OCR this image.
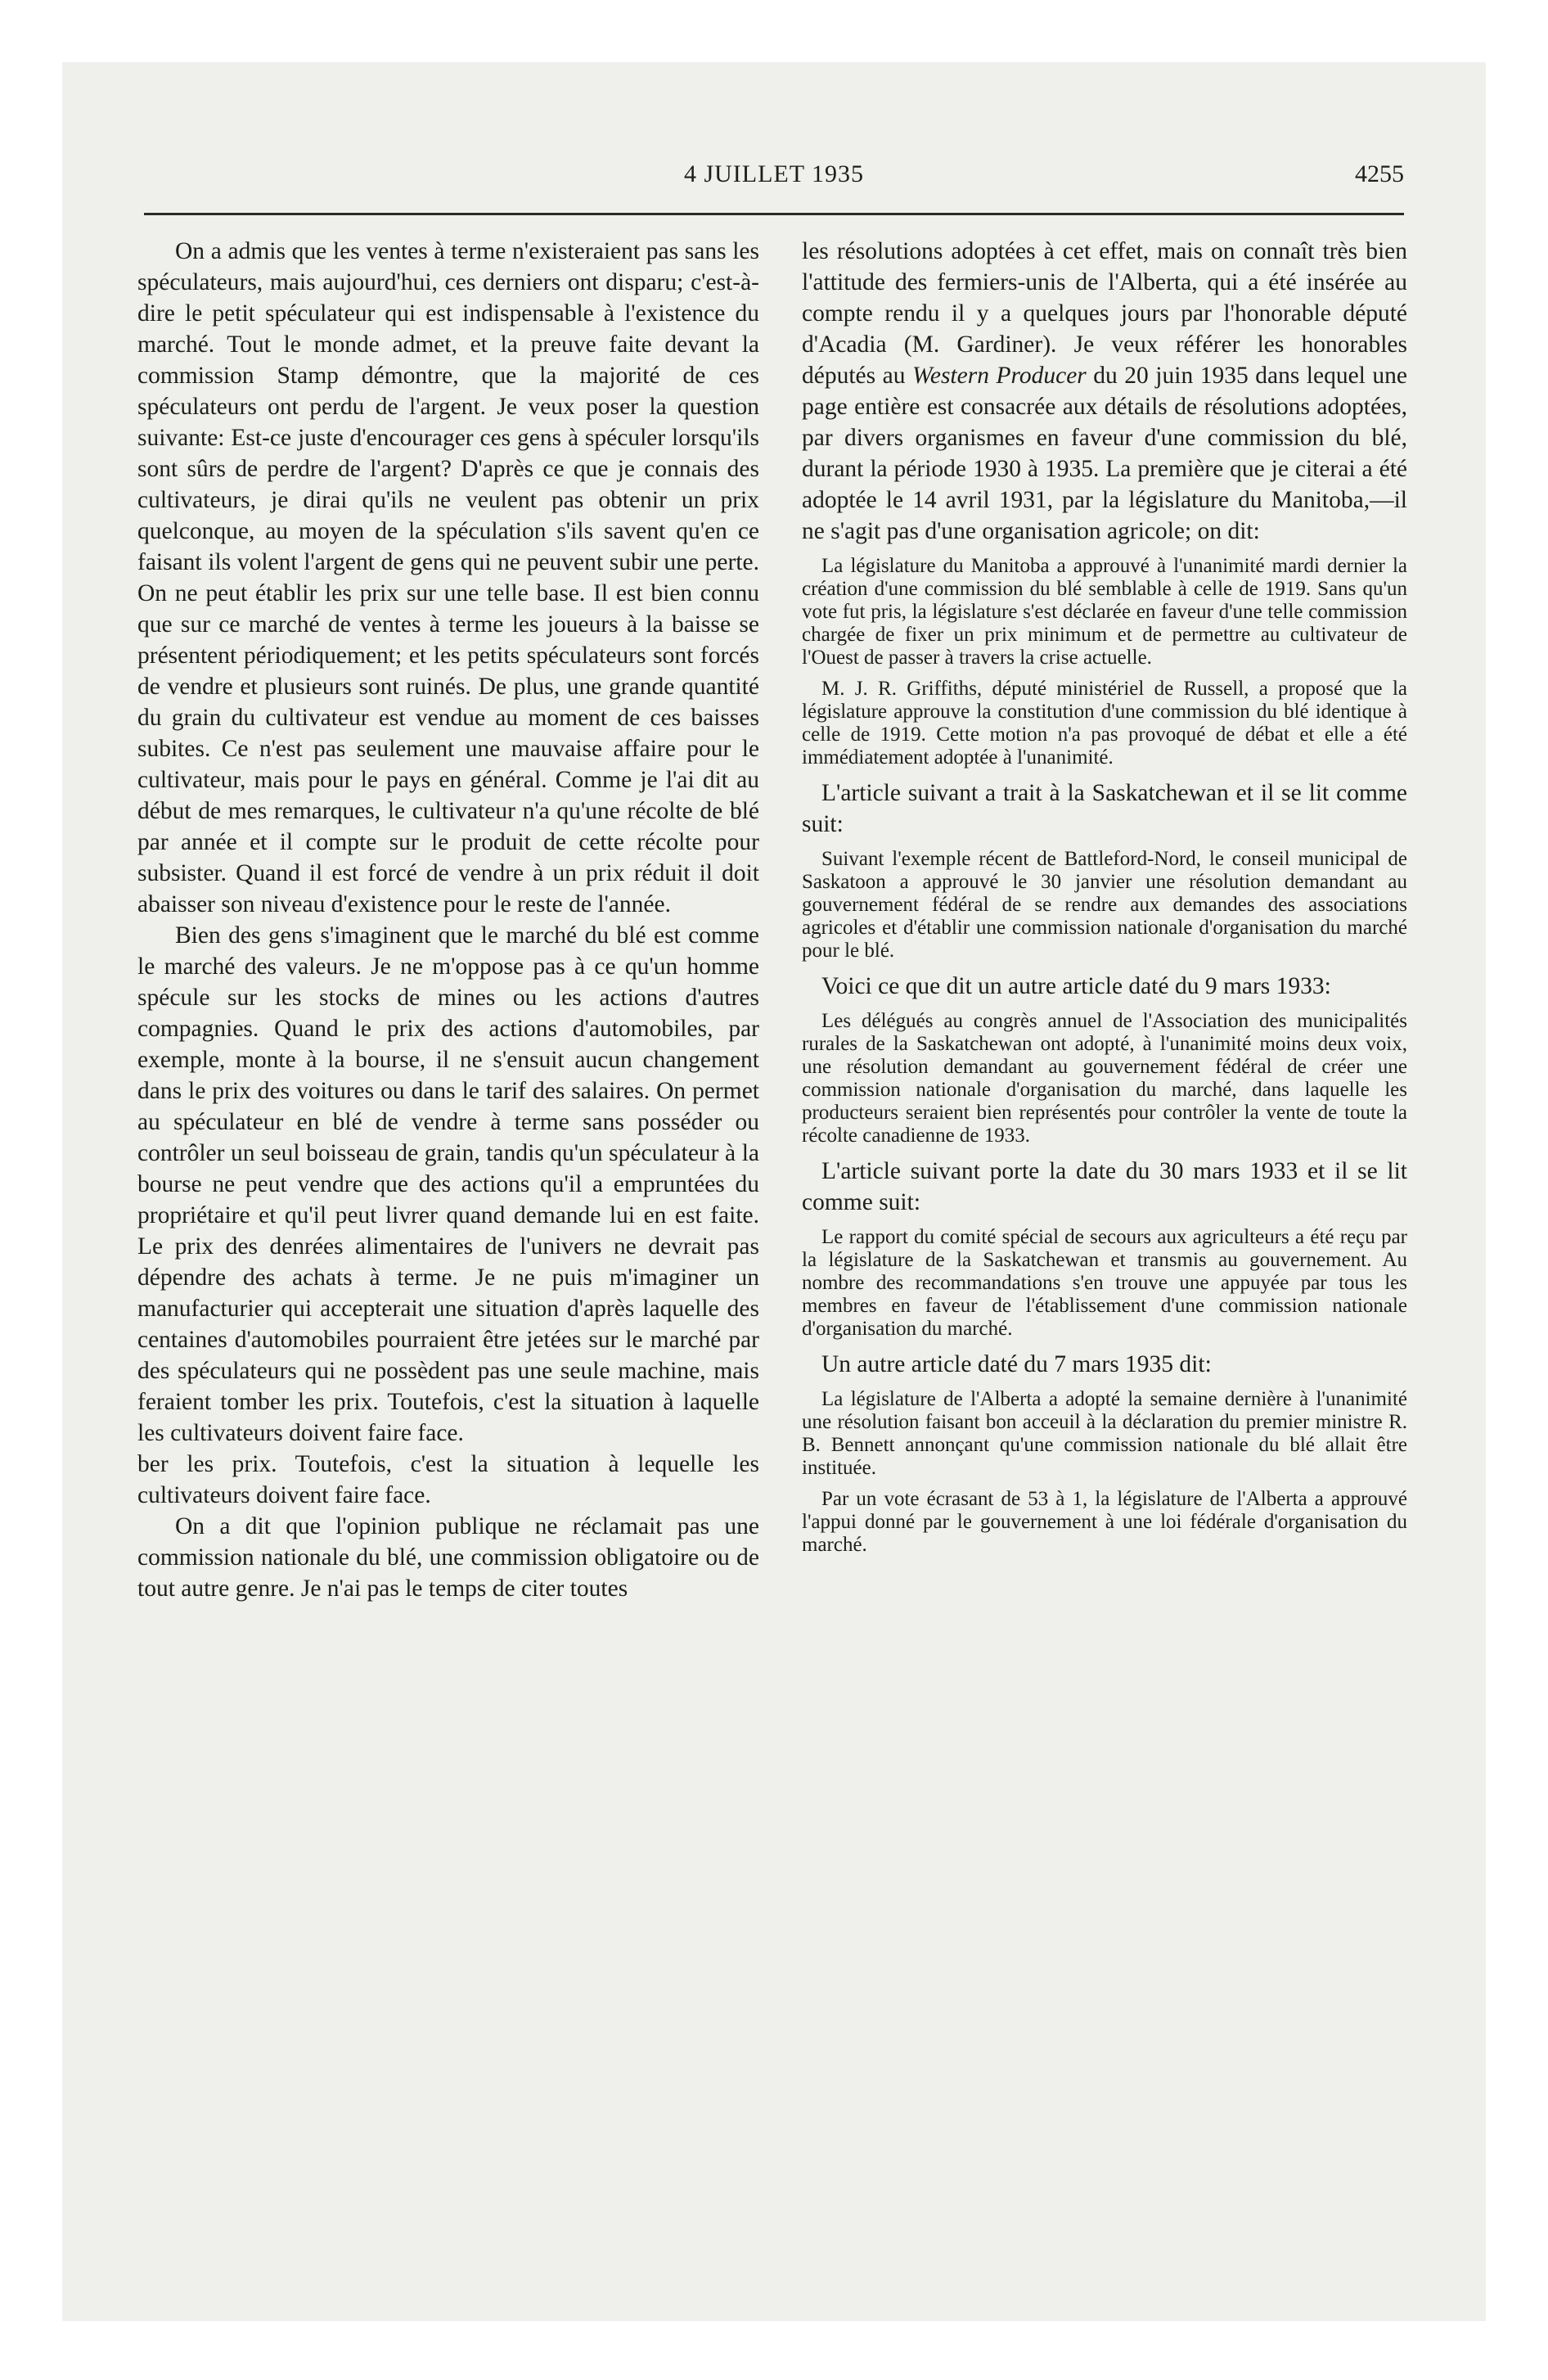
4 JUILLET 1935	4255

On a admis que les ventes à terme n'existeraient pas sans les spéculateurs, mais aujourd'hui, ces derniers ont disparu; c'est-à-dire le petit spéculateur qui est indispensable à l'existence du marché. Tout le monde admet, et la preuve faite devant la commission Stamp démontre, que la majorité de ces spéculateurs ont perdu de l'argent. Je veux poser la question suivante: Est-ce juste d'encourager ces gens à spéculer lorsqu'ils sont sûrs de perdre de l'argent? D'après ce que je connais des cultivateurs, je dirai qu'ils ne veulent pas obtenir un prix quelconque, au moyen de la spéculation s'ils savent qu'en ce faisant ils volent l'argent de gens qui ne peuvent subir une perte. On ne peut établir les prix sur une telle base. Il est bien connu que sur ce marché de ventes à terme les joueurs à la baisse se présentent périodiquement; et les petits spéculateurs sont forcés de vendre et plusieurs sont ruinés. De plus, une grande quantité du grain du cultivateur est vendue au moment de ces baisses subites. Ce n'est pas seulement une mauvaise affaire pour le cultivateur, mais pour le pays en général. Comme je l'ai dit au début de mes remarques, le cultivateur n'a qu'une récolte de blé par année et il compte sur le produit de cette récolte pour subsister. Quand il est forcé de vendre à un prix réduit il doit abaisser son niveau d'existence pour le reste de l'année.

Bien des gens s'imaginent que le marché du blé est comme le marché des valeurs. Je ne m'oppose pas à ce qu'un homme spécule sur les stocks de mines ou les actions d'autres compagnies. Quand le prix des actions d'automobiles, par exemple, monte à la bourse, il ne s'ensuit aucun changement dans le prix des voitures ou dans le tarif des salaires. On permet au spéculateur en blé de vendre à terme sans posséder ou contrôler un seul boisseau de grain, tandis qu'un spéculateur à la bourse ne peut vendre que des actions qu'il a empruntées du propriétaire et qu'il peut livrer quand demande lui en est faite. Le prix des denrées alimentaires de l'univers ne devrait pas dépendre des achats à terme. Je ne puis m'imaginer un manufacturier qui accepterait une situation d'après laquelle des centaines d'automobiles pourraient être jetées sur le marché par des spéculateurs qui ne possèdent pas une seule machine, mais feraient tomber les prix. Toutefois, c'est la situation à laquelle les cultivateurs doivent faire face.

ber les prix. Toutefois, c'est la situation à lequelle les cultivateurs doivent faire face.

On a dit que l'opinion publique ne réclamait pas une commission nationale du blé, une commission obligatoire ou de tout autre genre. Je n'ai pas le temps de citer toutes

les résolutions adoptées à cet effet, mais on connaît très bien l'attitude des fermiers-unis de l'Alberta, qui a été insérée au compte rendu il y a quelques jours par l'honorable député d'Acadia (M. Gardiner). Je veux référer les honorables députés au Western Producer du 20 juin 1935 dans lequel une page entière est consacrée aux détails de résolutions adoptées, par divers organismes en faveur d'une commission du blé, durant la période 1930 à 1935. La première que je citerai a été adoptée le 14 avril 1931, par la législature du Manitoba,—il ne s'agit pas d'une organisation agricole; on dit:

La législature du Manitoba a approuvé à l'unanimité mardi dernier la création d'une commission du blé semblable à celle de 1919. Sans qu'un vote fut pris, la législature s'est déclarée en faveur d'une telle commission chargée de fixer un prix minimum et de permettre au cultivateur de l'Ouest de passer à travers la crise actuelle.

M. J. R. Griffiths, député ministériel de Russell, a proposé que la législature approuve la constitution d'une commission du blé identique à celle de 1919. Cette motion n'a pas provoqué de débat et elle a été immédiatement adoptée à l'unanimité.

L'article suivant a trait à la Saskatchewan et il se lit comme suit:

Suivant l'exemple récent de Battleford-Nord, le conseil municipal de Saskatoon a approuvé le 30 janvier une résolution demandant au gouvernement fédéral de se rendre aux demandes des associations agricoles et d'établir une commission nationale d'organisation du marché pour le blé.

Voici ce que dit un autre article daté du 9 mars 1933:

Les délégués au congrès annuel de l'Association des municipalités rurales de la Saskatchewan ont adopté, à l'unanimité moins deux voix, une résolution demandant au gouvernement fédéral de créer une commission nationale d'organisation du marché, dans laquelle les producteurs seraient bien représentés pour contrôler la vente de toute la récolte canadienne de 1933.

L'article suivant porte la date du 30 mars 1933 et il se lit comme suit:

Le rapport du comité spécial de secours aux agriculteurs a été reçu par la législature de la Saskatchewan et transmis au gouvernement. Au nombre des recommandations s'en trouve une appuyée par tous les membres en faveur de l'établissement d'une commission nationale d'organisation du marché.

Un autre article daté du 7 mars 1935 dit:

La législature de l'Alberta a adopté la semaine dernière à l'unanimité une résolution faisant bon acceuil à la déclaration du premier ministre R. B. Bennett annonçant qu'une commission nationale du blé allait être instituée.

Par un vote écrasant de 53 à 1, la législature de l'Alberta a approuvé l'appui donné par le gouvernement à une loi fédérale d'organisation du marché.
